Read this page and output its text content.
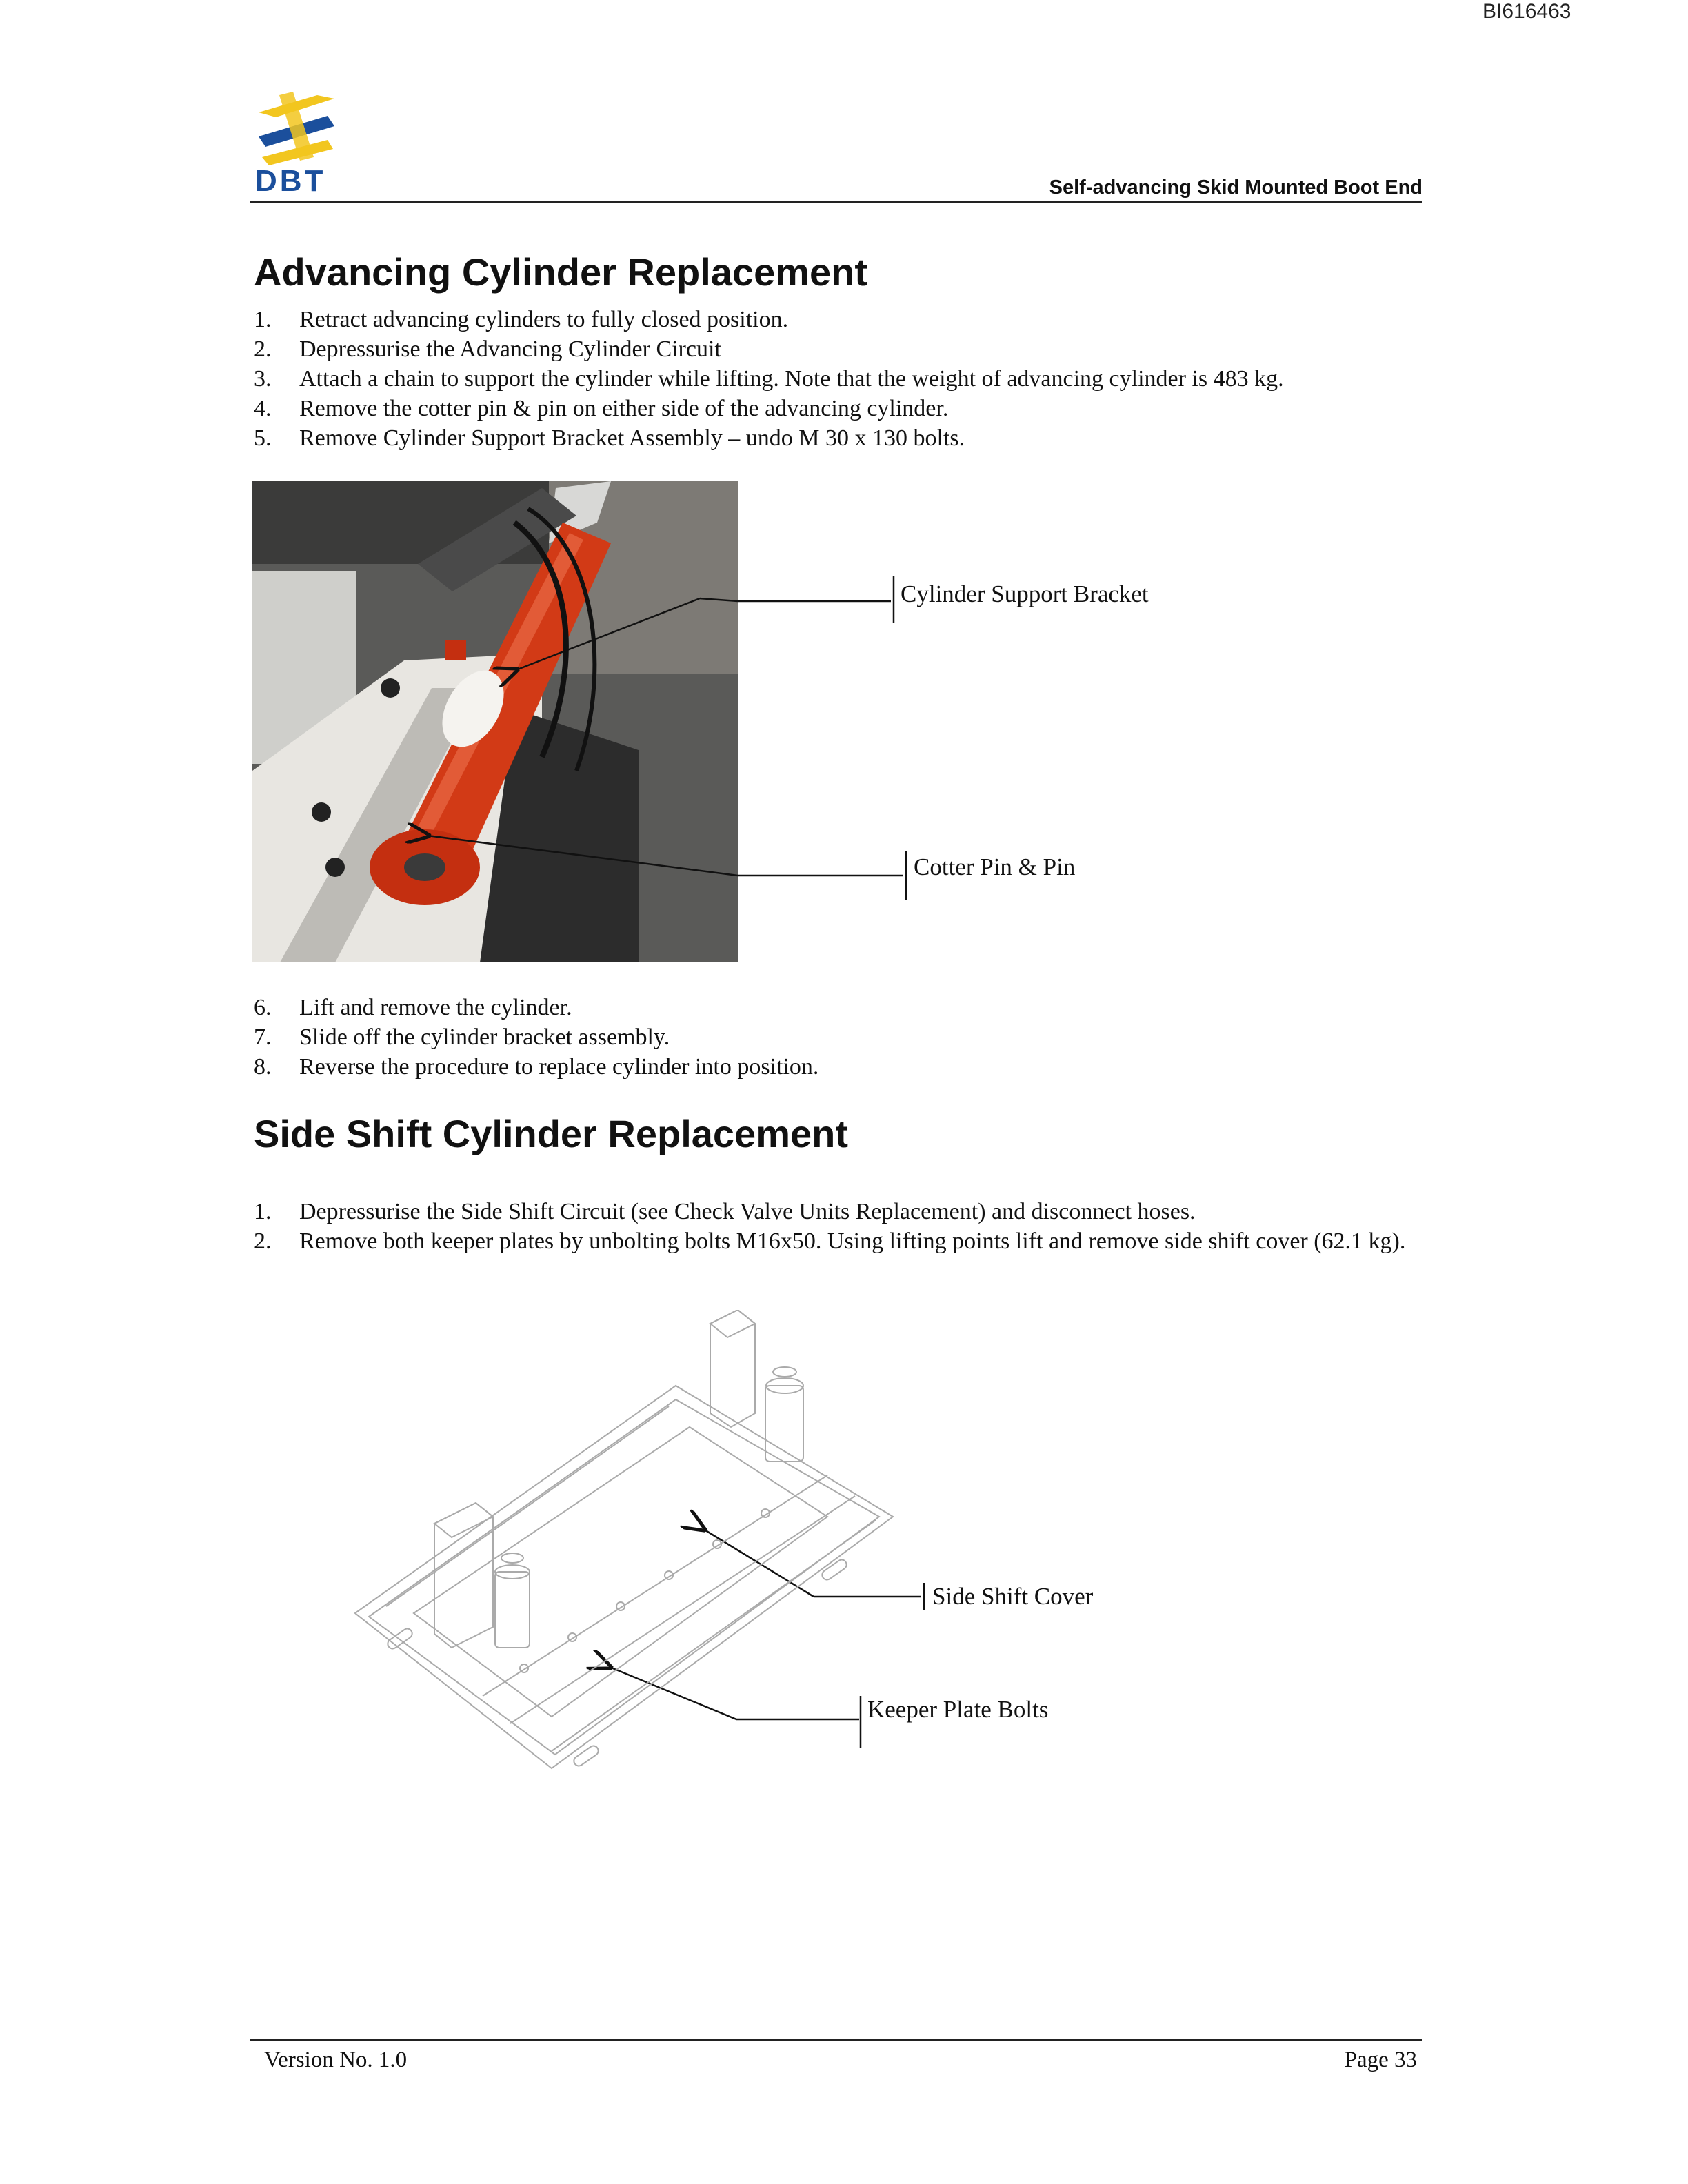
BI616463
DBT	Self-advancing Skid Mounted Boot End
Advancing Cylinder Replacement
1. Retract advancing cylinders to fully closed position.
2. Depressurise the Advancing Cylinder Circuit
3. Attach a chain to support the cylinder while lifting. Note that the weight of advancing cylinder is 483 kg.
4. Remove the cotter pin & pin on either side of the advancing cylinder.
5. Remove Cylinder Support Bracket Assembly – undo M 30 x 130 bolts.
Cylinder Support Bracket
Cotter Pin & Pin
6. Lift and remove the cylinder.
7. Slide off the cylinder bracket assembly.
8. Reverse the procedure to replace cylinder into position.
Side Shift Cylinder Replacement
1. Depressurise the Side Shift Circuit (see Check Valve Units Replacement) and disconnect hoses.
2. Remove both keeper plates by unbolting bolts M16x50. Using lifting points lift and remove side shift cover (62.1 kg).
Side Shift Cover
Keeper Plate Bolts
Version No. 1.0	Page 33
